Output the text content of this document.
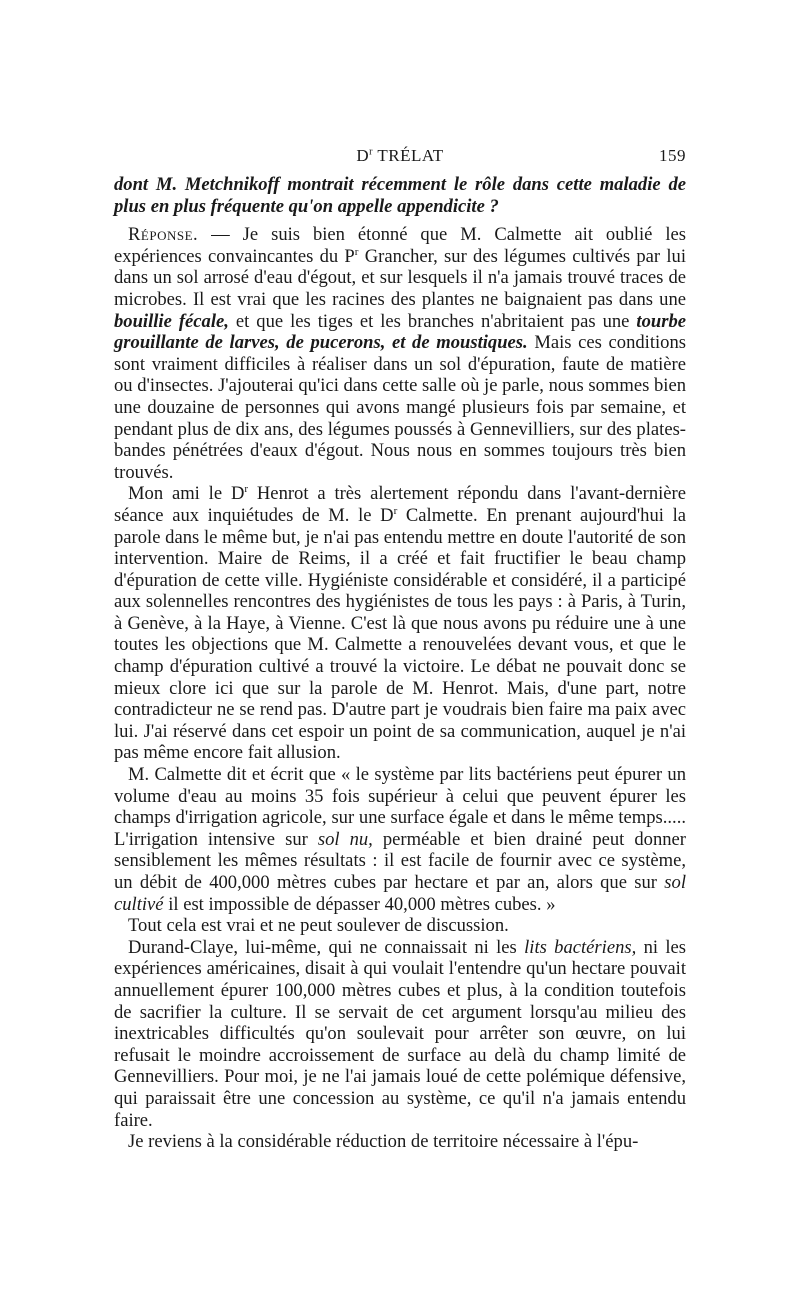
$D^r$ TRÉLAT	159

dont M. Metchnikoff montrait récemment le rôle dans cette maladie de plus en plus fréquente qu'on appelle appendicite ?

Réponse. — Je suis bien étonné que M. Calmette ait oublié les expériences convaincantes du $P^r$ Grancher, sur des légumes cultivés par lui dans un sol arrosé d'eau d'égout, et sur lesquels il n'a jamais trouvé traces de microbes. Il est vrai que les racines des plantes ne baignaient pas dans une bouillie fécale, et que les tiges et les branches n'abritaient pas une tourbe grouillante de larves, de pucerons, et de moustiques. Mais ces conditions sont vraiment difficiles à réaliser dans un sol d'épuration, faute de matière ou d'insectes. J'ajouterai qu'ici dans cette salle où je parle, nous sommes bien une douzaine de personnes qui avons mangé plusieurs fois par semaine, et pendant plus de dix ans, des légumes poussés à Gennevilliers, sur des plates-bandes pénétrées d'eaux d'égout. Nous nous en sommes toujours très bien trouvés.

Mon ami le $D^r$ Henrot a très alertement répondu dans l'avant-dernière séance aux inquiétudes de M. le $D^r$ Calmette. En prenant aujourd'hui la parole dans le même but, je n'ai pas entendu mettre en doute l'autorité de son intervention. Maire de Reims, il a créé et fait fructifier le beau champ d'épuration de cette ville. Hygiéniste considérable et considéré, il a participé aux solennelles rencontres des hygiénistes de tous les pays : à Paris, à Turin, à Genève, à la Haye, à Vienne. C'est là que nous avons pu réduire une à une toutes les objections que M. Calmette a renouvelées devant vous, et que le champ d'épuration cultivé a trouvé la victoire. Le débat ne pouvait donc se mieux clore ici que sur la parole de M. Henrot. Mais, d'une part, notre contradicteur ne se rend pas. D'autre part je voudrais bien faire ma paix avec lui. J'ai réservé dans cet espoir un point de sa communication, auquel je n'ai pas même encore fait allusion.

M. Calmette dit et écrit que « le système par lits bactériens peut épurer un volume d'eau au moins 35 fois supérieur à celui que peuvent épurer les champs d'irrigation agricole, sur une surface égale et dans le même temps..... L'irrigation intensive sur sol nu, perméable et bien drainé peut donner sensiblement les mêmes résultats : il est facile de fournir avec ce système, un débit de 400,000 mètres cubes par hectare et par an, alors que sur sol cultivé il est impossible de dépasser 40,000 mètres cubes. »

Tout cela est vrai et ne peut soulever de discussion.

Durand-Claye, lui-même, qui ne connaissait ni les lits bactériens, ni les expériences américaines, disait à qui voulait l'entendre qu'un hectare pouvait annuellement épurer 100,000 mètres cubes et plus, à la condition toutefois de sacrifier la culture. Il se servait de cet argument lorsqu'au milieu des inextricables difficultés qu'on soulevait pour arrêter son œuvre, on lui refusait le moindre accroissement de surface au delà du champ limité de Gennevilliers. Pour moi, je ne l'ai jamais loué de cette polémique défensive, qui paraissait être une concession au système, ce qu'il n'a jamais entendu faire.

Je reviens à la considérable réduction de territoire nécessaire à l'épu-
